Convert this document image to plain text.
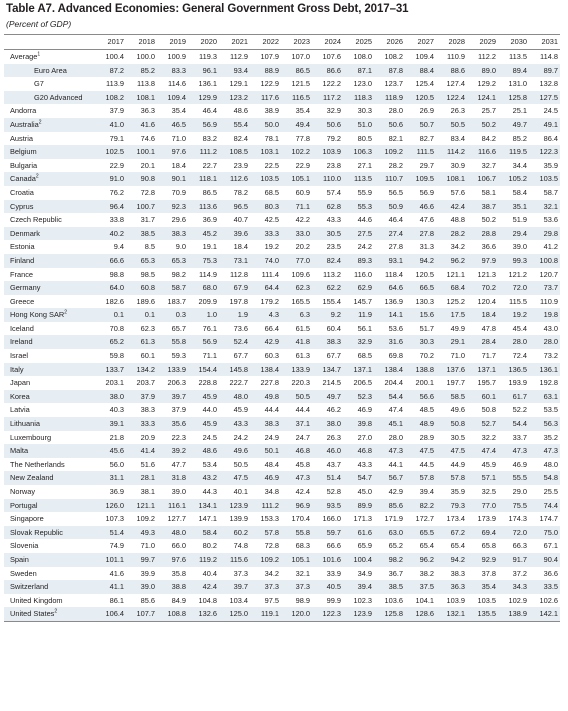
Table A7. Advanced Economies: General Government Gross Debt, 2017–31
(Percent of GDP)
	2017	2018	2019	2020	2021	2022	2023	2024	2025	2026	2027	2028	2029	2030	2031
Average$^1$	100.4	100.0	100.9	119.3	112.9	107.9	107.0	107.6	108.0	108.2	109.4	110.9	112.2	113.5	114.8
Euro Area	87.2	85.2	83.3	96.1	93.4	88.9	86.5	86.6	87.1	87.8	88.4	88.6	89.0	89.4	89.7
G7	113.9	113.8	114.6	136.1	129.1	122.9	121.5	122.2	123.0	123.7	125.4	127.4	129.2	131.0	132.8
G20 Advanced	108.2	108.1	109.4	129.9	123.2	117.6	116.5	117.2	118.3	118.9	120.5	122.4	124.1	125.8	127.5
Andorra	37.9	36.3	35.4	46.4	48.6	38.9	35.4	32.9	30.3	28.0	26.9	26.3	25.7	25.1	24.5
Australia$^2$	41.0	41.6	46.5	56.9	55.4	50.0	49.4	50.6	51.0	50.6	50.7	50.5	50.2	49.7	49.1
Austria	79.1	74.6	71.0	83.2	82.4	78.1	77.8	79.2	80.5	82.1	82.7	83.4	84.2	85.2	86.4
Belgium	102.5	100.1	97.6	111.2	108.5	103.1	102.2	103.9	106.3	109.2	111.5	114.2	116.6	119.5	122.3
Bulgaria	22.9	20.1	18.4	22.7	23.9	22.5	22.9	23.8	27.1	28.2	29.7	30.9	32.7	34.4	35.9
Canada$^2$	91.0	90.8	90.1	118.1	112.6	103.5	105.1	110.0	113.5	110.7	109.5	108.1	106.7	105.2	103.5
Croatia	76.2	72.8	70.9	86.5	78.2	68.5	60.9	57.4	55.9	56.5	56.9	57.6	58.1	58.4	58.7
Cyprus	96.4	100.7	92.3	113.6	96.5	80.3	71.1	62.8	55.3	50.9	46.6	42.4	38.7	35.1	32.1
Czech Republic	33.8	31.7	29.6	36.9	40.7	42.5	42.2	43.3	44.6	46.4	47.6	48.8	50.2	51.9	53.6
Denmark	40.2	38.5	38.3	45.2	39.6	33.3	33.0	30.5	27.5	27.4	27.8	28.2	28.8	29.4	29.8
Estonia	9.4	8.5	9.0	19.1	18.4	19.2	20.2	23.5	24.2	27.8	31.3	34.2	36.6	39.0	41.2
Finland	66.6	65.3	65.3	75.3	73.1	74.0	77.0	82.4	89.3	93.1	94.2	96.2	97.9	99.3	100.8
France	98.8	98.5	98.2	114.9	112.8	111.4	109.6	113.2	116.0	118.4	120.5	121.1	121.3	121.2	120.7
Germany	64.0	60.8	58.7	68.0	67.9	64.4	62.3	62.2	62.9	64.6	66.5	68.4	70.2	72.0	73.7
Greece	182.6	189.6	183.7	209.9	197.8	179.2	165.5	155.4	145.7	136.9	130.3	125.2	120.4	115.5	110.9
Hong Kong SAR$^2$	0.1	0.1	0.3	1.0	1.9	4.3	6.3	9.2	11.9	14.1	15.6	17.5	18.4	19.2	19.8
Iceland	70.8	62.3	65.7	76.1	73.6	66.4	61.5	60.4	56.1	53.6	51.7	49.9	47.8	45.4	43.0
Ireland	65.2	61.3	55.8	56.9	52.4	42.9	41.8	38.3	32.9	31.6	30.3	29.1	28.4	28.0	28.0
Israel	59.8	60.1	59.3	71.1	67.7	60.3	61.3	67.7	68.5	69.8	70.2	71.0	71.7	72.4	73.2
Italy	133.7	134.2	133.9	154.4	145.8	138.4	133.9	134.7	137.1	138.4	138.8	137.6	137.1	136.5	136.1
Japan	203.1	203.7	206.3	228.8	222.7	227.8	220.3	214.5	206.5	204.4	200.1	197.7	195.7	193.9	192.8
Korea	38.0	37.9	39.7	45.9	48.0	49.8	50.5	49.7	52.3	54.4	56.6	58.5	60.1	61.7	63.1
Latvia	40.3	38.3	37.9	44.0	45.9	44.4	44.4	46.2	46.9	47.4	48.5	49.6	50.8	52.2	53.5
Lithuania	39.1	33.3	35.6	45.9	43.3	38.3	37.1	38.0	39.8	45.1	48.9	50.8	52.7	54.4	56.3
Luxembourg	21.8	20.9	22.3	24.5	24.2	24.9	24.7	26.3	27.0	28.0	28.9	30.5	32.2	33.7	35.2
Malta	45.6	41.4	39.2	48.6	49.6	50.1	46.8	46.0	46.8	47.3	47.5	47.5	47.4	47.3	47.3
The Netherlands	56.0	51.6	47.7	53.4	50.5	48.4	45.8	43.7	43.3	44.1	44.5	44.9	45.9	46.9	48.0
New Zealand	31.1	28.1	31.8	43.2	47.5	46.9	47.3	51.4	54.7	56.7	57.8	57.8	57.1	55.5	54.8
Norway	36.9	38.1	39.0	44.3	40.1	34.8	42.4	52.8	45.0	42.9	39.4	35.9	32.5	29.0	25.5
Portugal	126.0	121.1	116.1	134.1	123.9	111.2	96.9	93.5	89.9	85.6	82.2	79.3	77.0	75.5	74.4
Singapore	107.3	109.2	127.7	147.1	139.9	153.3	170.4	166.0	171.3	171.9	172.7	173.4	173.9	174.3	174.7
Slovak Republic	51.4	49.3	48.0	58.4	60.2	57.8	55.8	59.7	61.6	63.0	65.5	67.2	69.4	72.0	75.0
Slovenia	74.9	71.0	66.0	80.2	74.8	72.8	68.3	66.6	65.9	65.2	65.4	65.4	65.8	66.3	67.1
Spain	101.1	99.7	97.6	119.2	115.6	109.2	105.1	101.6	100.4	98.2	96.2	94.2	92.9	91.7	90.4
Sweden	41.6	39.9	35.8	40.4	37.3	34.2	32.1	33.9	34.9	36.7	38.2	38.3	37.8	37.2	36.6
Switzerland	41.1	39.0	38.8	42.4	39.7	37.3	37.3	40.5	39.4	38.5	37.5	36.3	35.4	34.3	33.5
United Kingdom	86.1	85.6	84.9	104.8	103.4	97.5	98.9	99.9	102.3	103.6	104.1	103.9	103.5	102.9	102.6
United States$^2$	106.4	107.7	108.8	132.6	125.0	119.1	120.0	122.3	123.9	125.8	128.6	132.1	135.5	138.9	142.1
